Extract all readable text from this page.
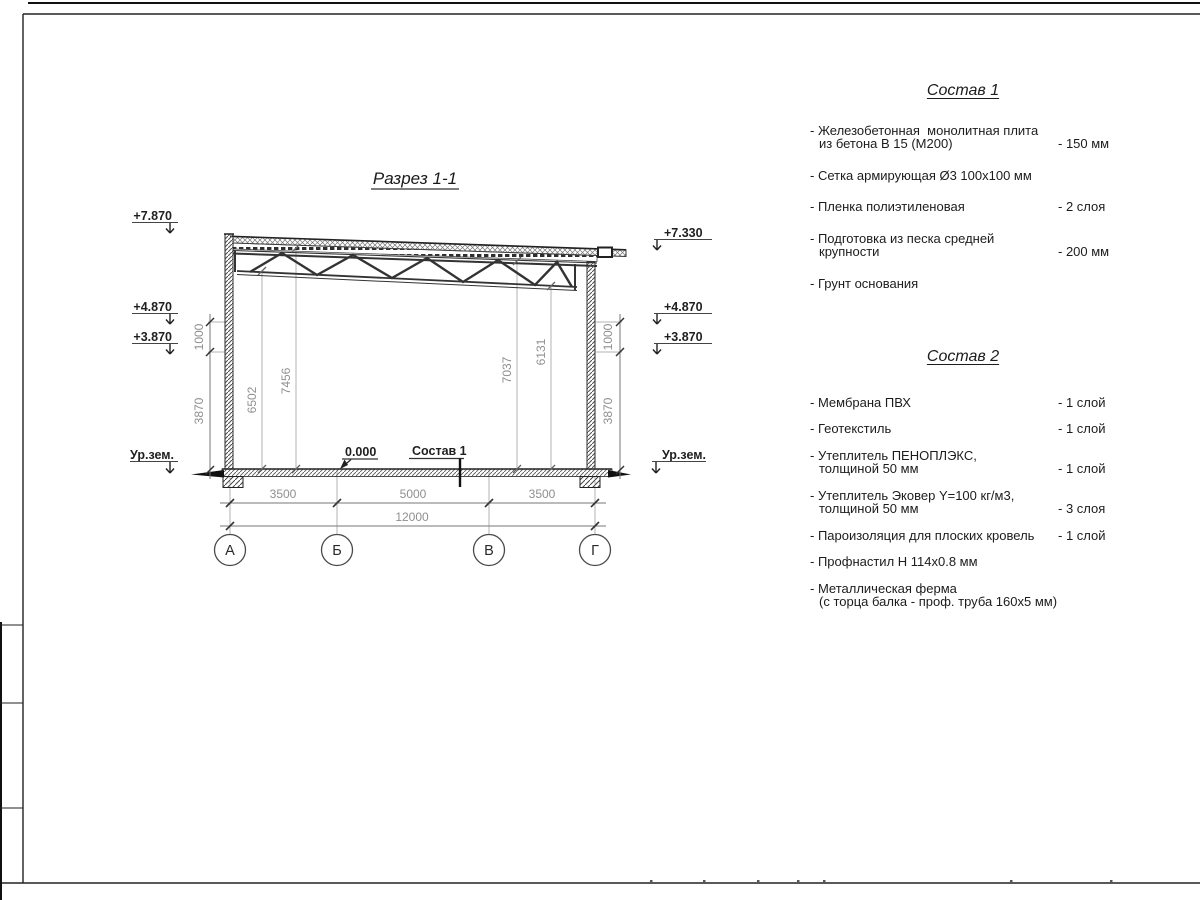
Разрез 1-1
3500	5000	3500
12000
1000
3870
1000
3870
6502
7456	7037
6131
+7.870
+4.870
+3.870
Ур.зем.
+7.330
+4.870
+3.870
Ур.зем.
0.000	Состав 1
А	Б	В	Г
Состав 1
- Железобетонная  монолитная плита
из бетона В 15 (М200)	- 150 мм
- Сетка армирующая Ø3 100x100 мм
- Пленка полиэтиленовая	- 2 слоя
- Подготовка из песка средней
крупности	- 200 мм
- Грунт основания
Состав 2
- Мембрана ПВХ	- 1 слой
- Геотекстиль	- 1 слой
- Утеплитель ПЕНОПЛЭКС,
толщиной 50 мм	- 1 слой
- Утеплитель Эковер Y=100 кг/м3,
толщиной 50 мм	- 3 слоя
- Пароизоляция для плоских кровель	- 1 слой
- Профнастил Н 114x0.8 мм
- Металлическая ферма
(с торца балка - проф. труба 160x5 мм)
